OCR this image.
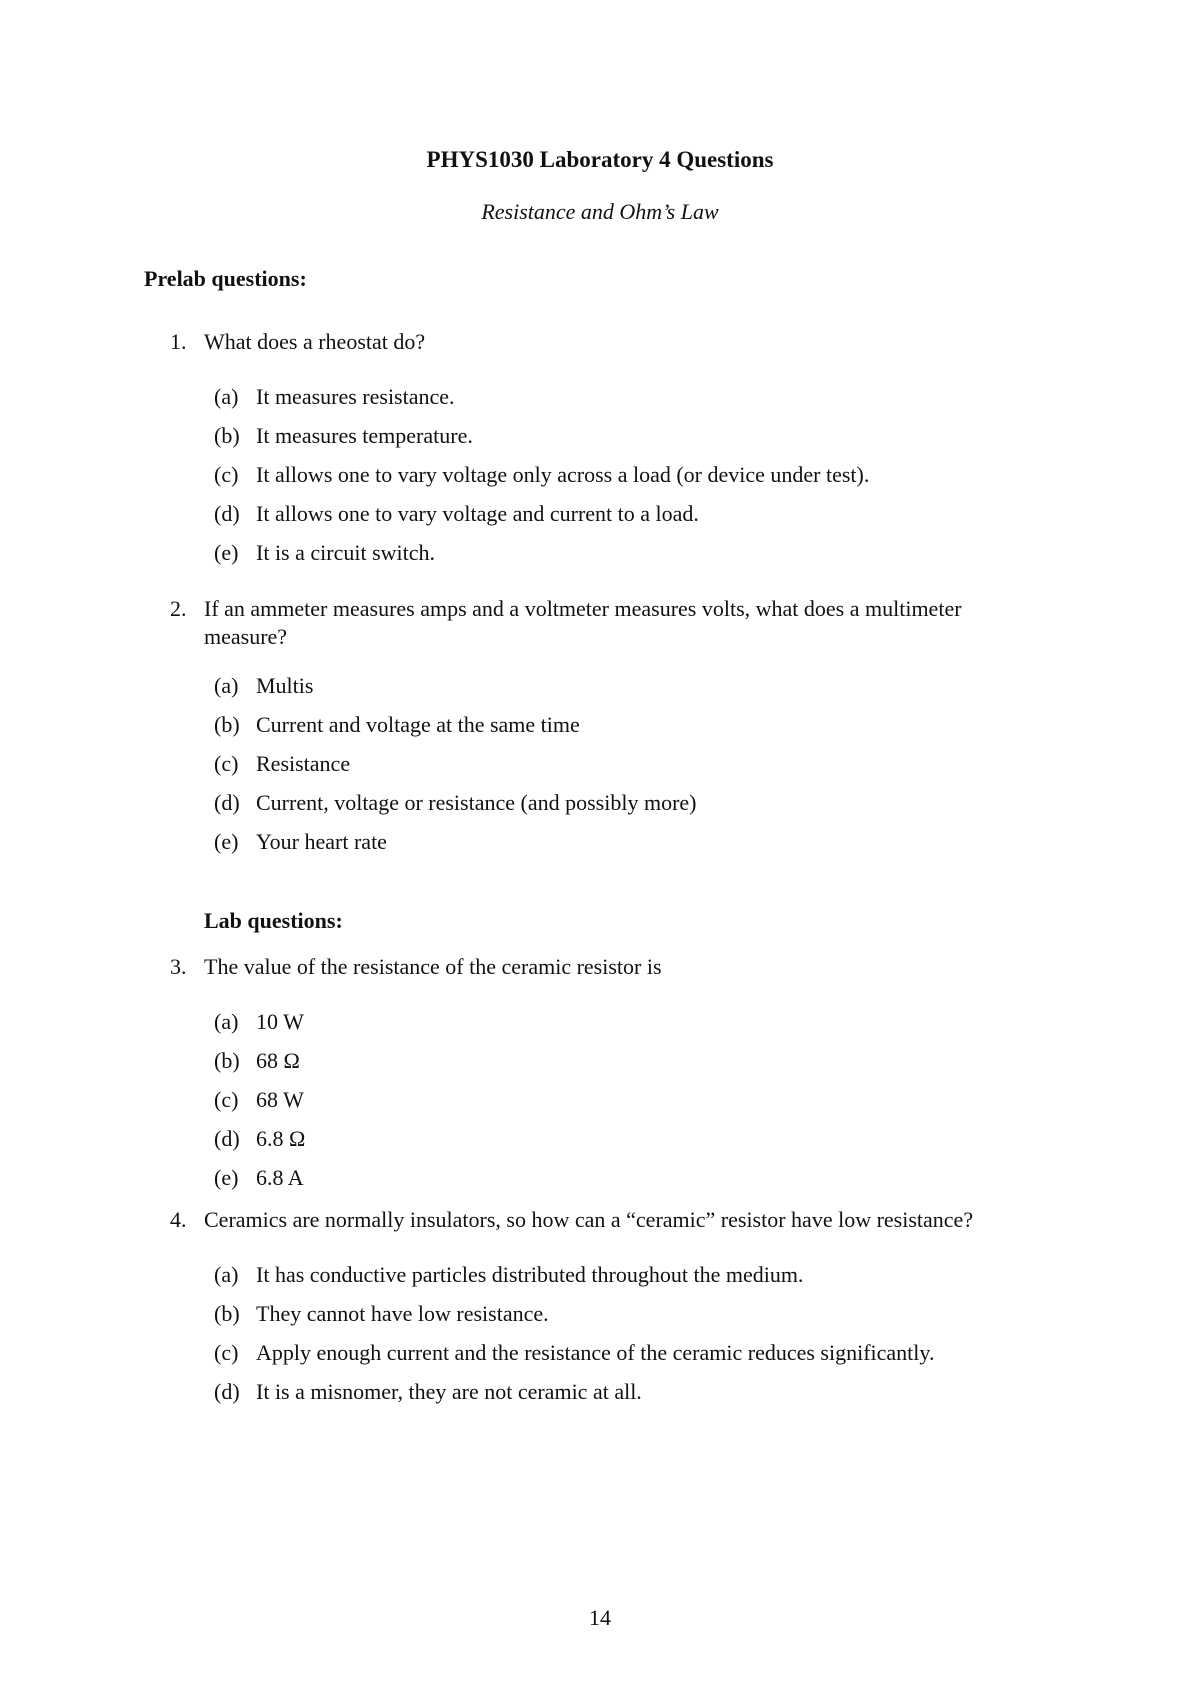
PHYS1030 Laboratory 4 Questions
Resistance and Ohm’s Law
Prelab questions:
1. What does a rheostat do?
(a) It measures resistance.
(b) It measures temperature.
(c) It allows one to vary voltage only across a load (or device under test).
(d) It allows one to vary voltage and current to a load.
(e) It is a circuit switch.
2. If an ammeter measures amps and a voltmeter measures volts, what does a multimeter measure?
(a) Multis
(b) Current and voltage at the same time
(c) Resistance
(d) Current, voltage or resistance (and possibly more)
(e) Your heart rate
Lab questions:
3. The value of the resistance of the ceramic resistor is
(a) 10 W
(b) 68 Ω
(c) 68 W
(d) 6.8 Ω
(e) 6.8 A
4. Ceramics are normally insulators, so how can a “ceramic” resistor have low resistance?
(a) It has conductive particles distributed throughout the medium.
(b) They cannot have low resistance.
(c) Apply enough current and the resistance of the ceramic reduces significantly.
(d) It is a misnomer, they are not ceramic at all.
14
